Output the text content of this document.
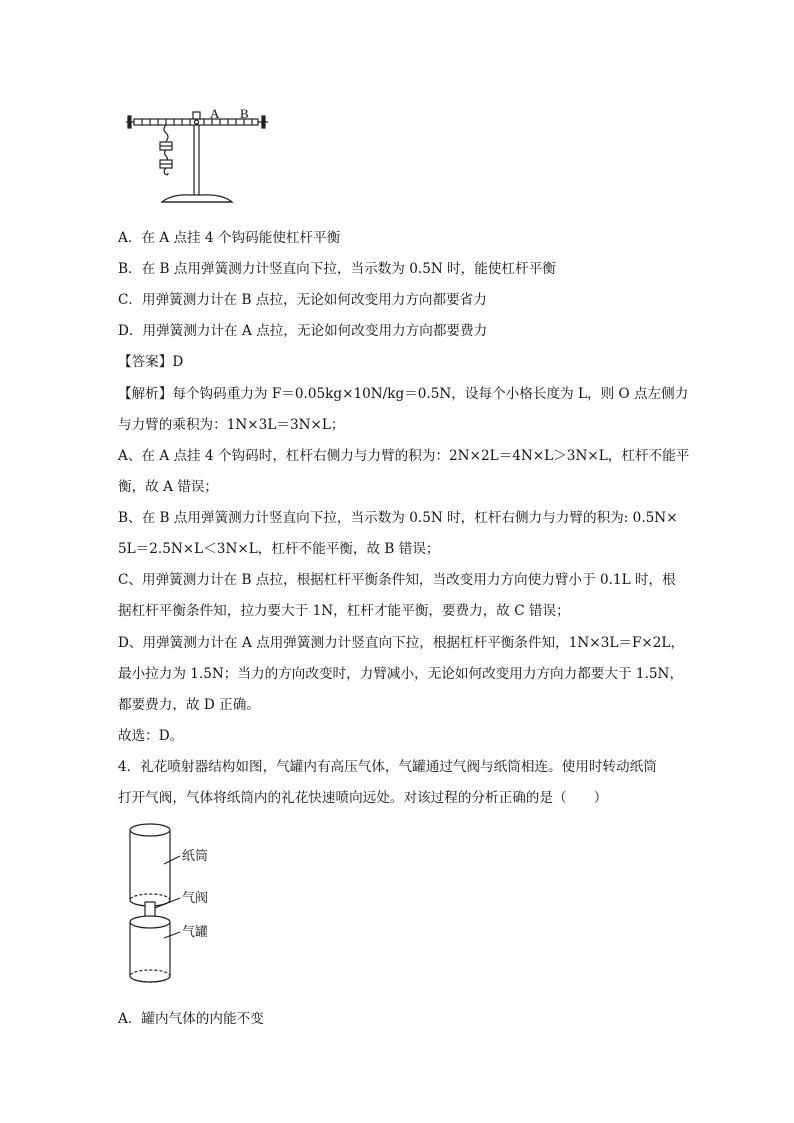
A B
A．在 A 点挂 4 个钩码能使杠杆平衡
B．在 B 点用弹簧测力计竖直向下拉，当示数为 0.5N 时，能使杠杆平衡
C．用弹簧测力计在 B 点拉，无论如何改变用力方向都要省力
D．用弹簧测力计在 A 点拉，无论如何改变用力方向都要费力
【答案】D
【解析】每个钩码重力为 F＝0.05kg×10N/kg＝0.5N，设每个小格长度为 L，则 O 点左侧力
与力臂的乘积为：1N×3L＝3N×L；
A、在 A 点挂 4 个钩码时，杠杆右侧力与力臂的积为：2N×2L＝4N×L＞3N×L，杠杆不能平
衡，故 A 错误；
B、在 B 点用弹簧测力计竖直向下拉，当示数为 0.5N 时，杠杆右侧力与力臂的积为: 0.5N×
5L＝2.5N×L＜3N×L，杠杆不能平衡，故 B 错误；
C、用弹簧测力计在 B 点拉，根据杠杆平衡条件知，当改变用力方向使力臂小于 0.1L 时，根
据杠杆平衡条件知，拉力要大于 1N，杠杆才能平衡，要费力，故 C 错误；
D、用弹簧测力计在 A 点用弹簧测力计竖直向下拉，根据杠杆平衡条件知，1N×3L＝F×2L，
最小拉力为 1.5N；当力的方向改变时，力臂减小，无论如何改变用力方向力都要大于 1.5N，
都要费力，故 D 正确。
故选：D。
4．礼花喷射器结构如图，气罐内有高压气体，气罐通过气阀与纸筒相连。使用时转动纸筒
打开气阀，气体将纸筒内的礼花快速喷向远处。对该过程的分析正确的是（　　）
纸筒
气阀
气罐
A．罐内气体的内能不变
